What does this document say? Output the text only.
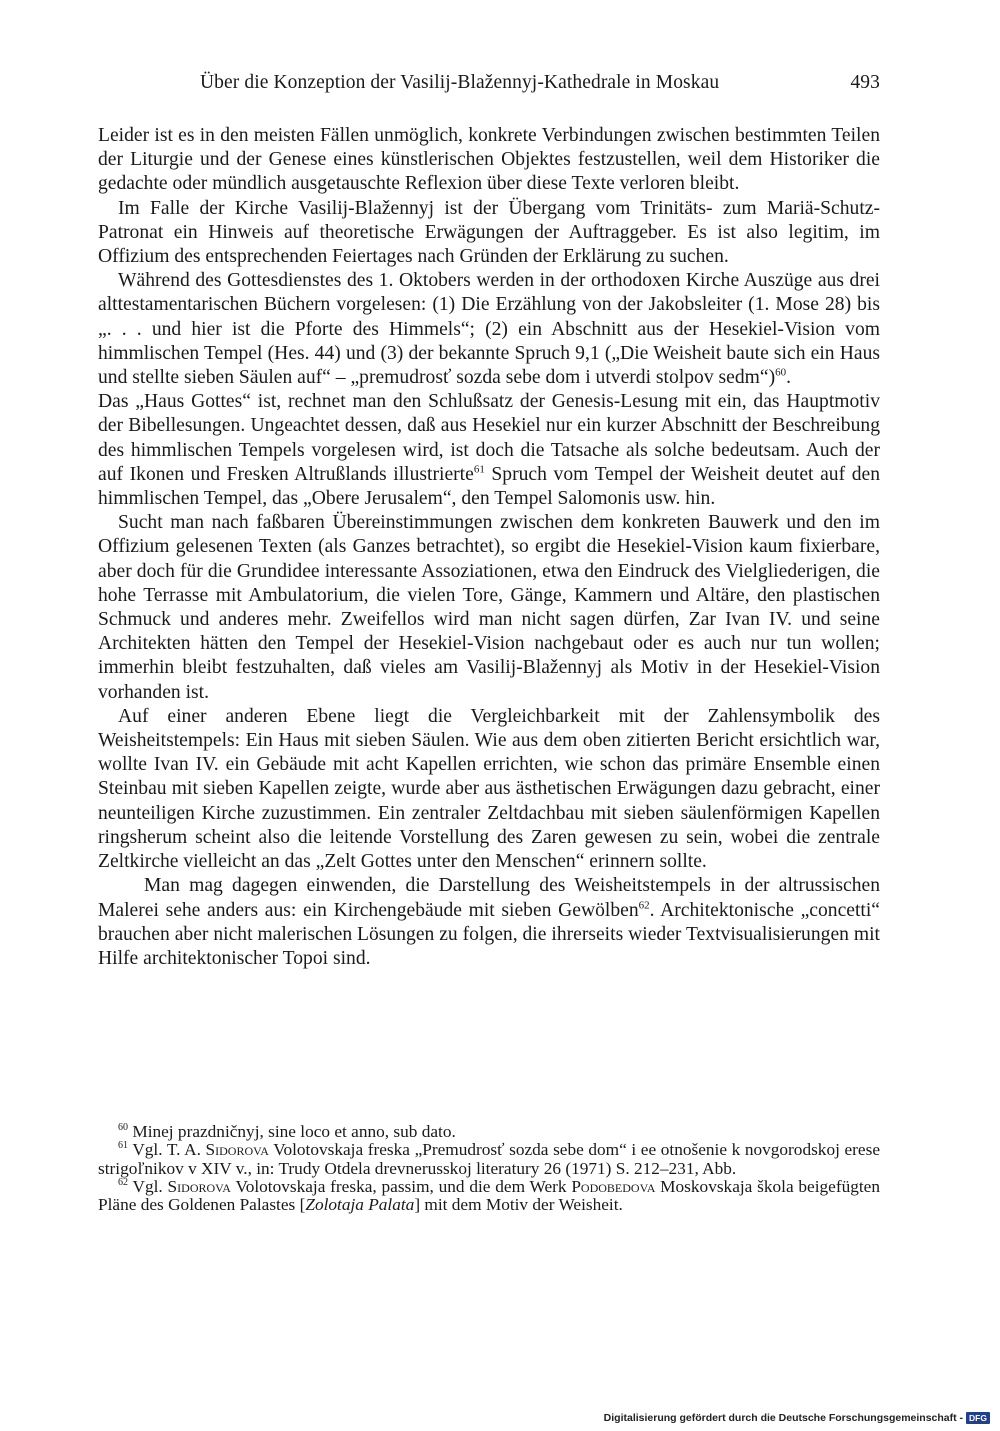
Über die Konzeption der Vasilij-Blažennyj-Kathedrale in Moskau	493

Leider ist es in den meisten Fällen unmöglich, konkrete Verbindungen zwischen bestimmten Teilen der Liturgie und der Genese eines künstlerischen Objektes festzustellen, weil dem Historiker die gedachte oder mündlich ausgetauschte Reflexion über diese Texte verloren bleibt.

Im Falle der Kirche Vasilij-Blažennyj ist der Übergang vom Trinitäts- zum Mariä-Schutz-Patronat ein Hinweis auf theoretische Erwägungen der Auftraggeber. Es ist also legitim, im Offizium des entsprechenden Feiertages nach Gründen der Erklärung zu suchen.

Während des Gottesdienstes des 1. Oktobers werden in der orthodoxen Kirche Auszüge aus drei alttestamentarischen Büchern vorgelesen: (1) Die Erzählung von der Jakobsleiter (1. Mose 28) bis „. . . und hier ist die Pforte des Himmels“; (2) ein Abschnitt aus der Hesekiel-Vision vom himmlischen Tempel (Hes. 44) und (3) der bekannte Spruch 9,1 („Die Weisheit baute sich ein Haus und stellte sieben Säulen auf“ – „premudrosť sozda sebe dom i utverdi stolpov sedm“)$^{60}$.

Das „Haus Gottes“ ist, rechnet man den Schlußsatz der Genesis-Lesung mit ein, das Hauptmotiv der Bibellesungen. Ungeachtet dessen, daß aus Hesekiel nur ein kurzer Abschnitt der Beschreibung des himmlischen Tempels vorgelesen wird, ist doch die Tatsache als solche bedeutsam. Auch der auf Ikonen und Fresken Altrußlands illustrierte$^{61}$ Spruch vom Tempel der Weisheit deutet auf den himmlischen Tempel, das „Obere Jerusalem“, den Tempel Salomonis usw. hin.

Sucht man nach faßbaren Übereinstimmungen zwischen dem konkreten Bauwerk und den im Offizium gelesenen Texten (als Ganzes betrachtet), so ergibt die Hesekiel-Vision kaum fixierbare, aber doch für die Grundidee interessante Assoziationen, etwa den Eindruck des Vielgliederigen, die hohe Terrasse mit Ambulatorium, die vielen Tore, Gänge, Kammern und Altäre, den plastischen Schmuck und anderes mehr. Zweifellos wird man nicht sagen dürfen, Zar Ivan IV. und seine Architekten hätten den Tempel der Hesekiel-Vision nachgebaut oder es auch nur tun wollen; immerhin bleibt festzuhalten, daß vieles am Vasilij-Blažennyj als Motiv in der Hesekiel-Vision vorhanden ist.

Auf einer anderen Ebene liegt die Vergleichbarkeit mit der Zahlensymbolik des Weisheitstempels: Ein Haus mit sieben Säulen. Wie aus dem oben zitierten Bericht ersichtlich war, wollte Ivan IV. ein Gebäude mit acht Kapellen errichten, wie schon das primäre Ensemble einen Steinbau mit sieben Kapellen zeigte, wurde aber aus ästhetischen Erwägungen dazu gebracht, einer neunteiligen Kirche zuzustimmen. Ein zentraler Zeltdachbau mit sieben säulenförmigen Kapellen ringsherum scheint also die leitende Vorstellung des Zaren gewesen zu sein, wobei die zentrale Zeltkirche vielleicht an das „Zelt Gottes unter den Menschen“ erinnern sollte.

Man mag dagegen einwenden, die Darstellung des Weisheitstempels in der altrussischen Malerei sehe anders aus: ein Kirchengebäude mit sieben Gewölben$^{62}$. Architektonische „concetti“ brauchen aber nicht malerischen Lösungen zu folgen, die ihrerseits wieder Textvisualisierungen mit Hilfe architektonischer Topoi sind.

$^{60}$ Minej prazdničnyj, sine loco et anno, sub dato.

$^{61}$ Vgl. T. A. Sidorova Volotovskaja freska „Premudrosť sozda sebe dom“ i ee otnošenie k novgorodskoj erese strigoľnikov v XIV v., in: Trudy Otdela drevnerusskoj literatury 26 (1971) S. 212–231, Abb.

$^{62}$ Vgl. Sidorova Volotovskaja freska, passim, und die dem Werk Podobedova Moskovskaja škola beigefügten Pläne des Goldenen Palastes [Zolotaja Palata] mit dem Motiv der Weisheit.

Digitalisierung gefördert durch die Deutsche Forschungsgemeinschaft - DFG
